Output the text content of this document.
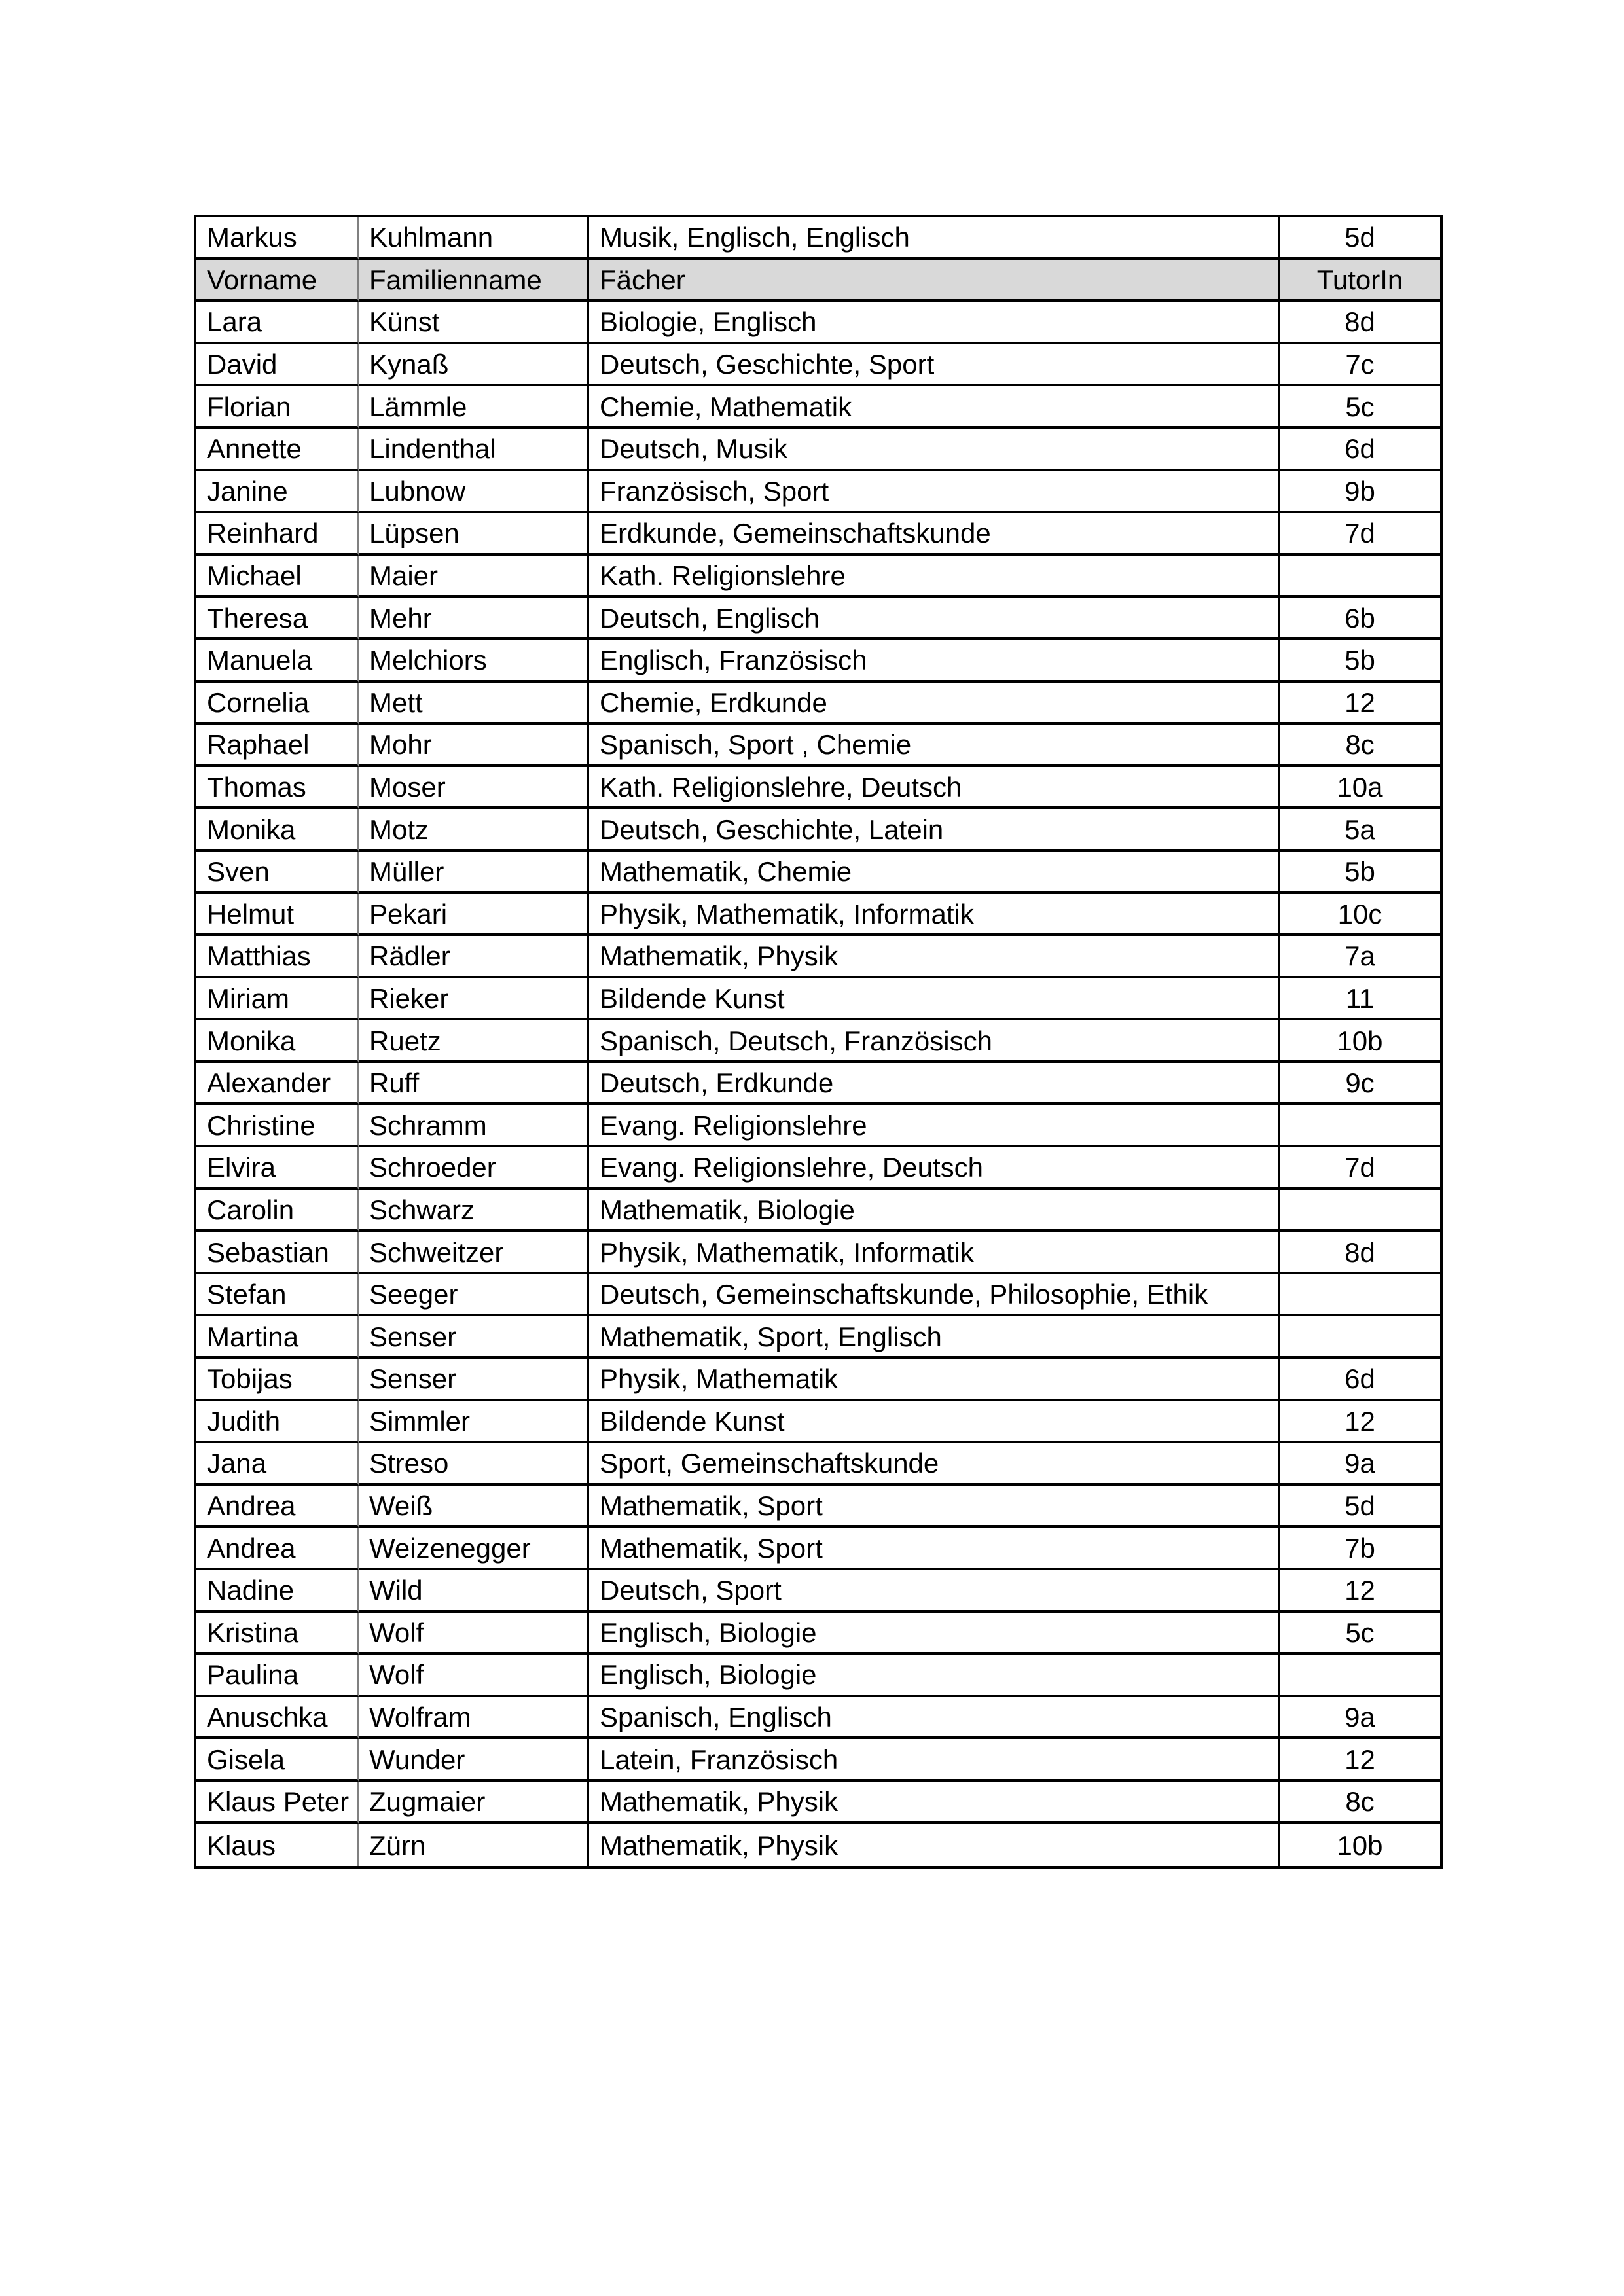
Markus	Kuhlmann	Musik, Englisch, Englisch	5d
Vorname	Familienname	Fächer	TutorIn
Lara	Künst	Biologie, Englisch	8d
David	Kynaß	Deutsch, Geschichte, Sport	7c
Florian	Lämmle	Chemie, Mathematik	5c
Annette	Lindenthal	Deutsch, Musik	6d
Janine	Lubnow	Französisch, Sport	9b
Reinhard	Lüpsen	Erdkunde, Gemeinschaftskunde	7d
Michael	Maier	Kath. Religionslehre	
Theresa	Mehr	Deutsch, Englisch	6b
Manuela	Melchiors	Englisch, Französisch	5b
Cornelia	Mett	Chemie, Erdkunde	12
Raphael	Mohr	Spanisch, Sport , Chemie	8c
Thomas	Moser	Kath. Religionslehre, Deutsch	10a
Monika	Motz	Deutsch, Geschichte, Latein	5a
Sven	Müller	Mathematik, Chemie	5b
Helmut	Pekari	Physik, Mathematik, Informatik	10c
Matthias	Rädler	Mathematik, Physik	7a
Miriam	Rieker	Bildende Kunst	11
Monika	Ruetz	Spanisch, Deutsch, Französisch	10b
Alexander	Ruff	Deutsch, Erdkunde	9c
Christine	Schramm	Evang. Religionslehre	
Elvira	Schroeder	Evang. Religionslehre, Deutsch	7d
Carolin	Schwarz	Mathematik, Biologie	
Sebastian	Schweitzer	Physik, Mathematik, Informatik	8d
Stefan	Seeger	Deutsch, Gemeinschaftskunde, Philosophie, Ethik	
Martina	Senser	Mathematik, Sport, Englisch	
Tobijas	Senser	Physik, Mathematik	6d
Judith	Simmler	Bildende Kunst	12
Jana	Streso	Sport, Gemeinschaftskunde	9a
Andrea	Weiß	Mathematik, Sport	5d
Andrea	Weizenegger	Mathematik, Sport	7b
Nadine	Wild	Deutsch, Sport	12
Kristina	Wolf	Englisch, Biologie	5c
Paulina	Wolf	Englisch, Biologie	
Anuschka	Wolfram	Spanisch, Englisch	9a
Gisela	Wunder	Latein, Französisch	12
Klaus Peter	Zugmaier	Mathematik, Physik	8c
Klaus	Zürn	Mathematik, Physik	10b
